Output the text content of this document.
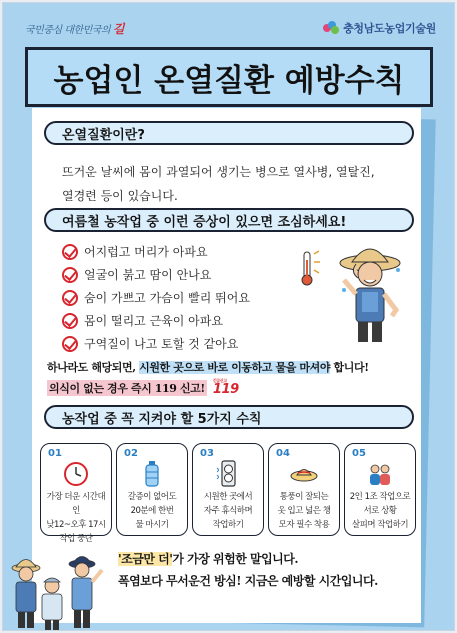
국민중심 대한민국의 길	충청남도농업기술원
농업인 온열질환 예방수칙
온열질환이란?
뜨거운 날씨에 몸이 과열되어 생기는 병으로 열사병, 열탈진,
열경련 등이 있습니다.
여름철 농작업 중 이런 증상이 있으면 조심하세요!
어지럽고 머리가 아파요
얼굴이 붉고 땀이 안나요
숨이 가쁘고 가슴이 빨리 뛰어요
몸이 떨리고 근육이 아파요
구역질이 나고 토할 것 같아요
하나라도 해당되면, 시원한 곳으로 바로 이동하고 물을 마셔야 합니다!
의식이 없는 경우 즉시 119 신고!
긴급신고
119
농작업 중 꼭 지켜야 할 5가지 수칙
01
가장 더운 시간대인
낮12~오후 17시
작업 중단
02
갈증이 없어도
20분에 한번
물 마시기
03
시원한 곳에서
자주 휴식하며
작업하기
04
통풍이 잘되는
옷 입고 넓은 챙
모자 필수 착용
05
2인 1조 작업으로
서로 상황
살피며 작업하기
'조금만 더'가 가장 위험한 말입니다.
폭염보다 무서운건 방심! 지금은 예방할 시간입니다.
